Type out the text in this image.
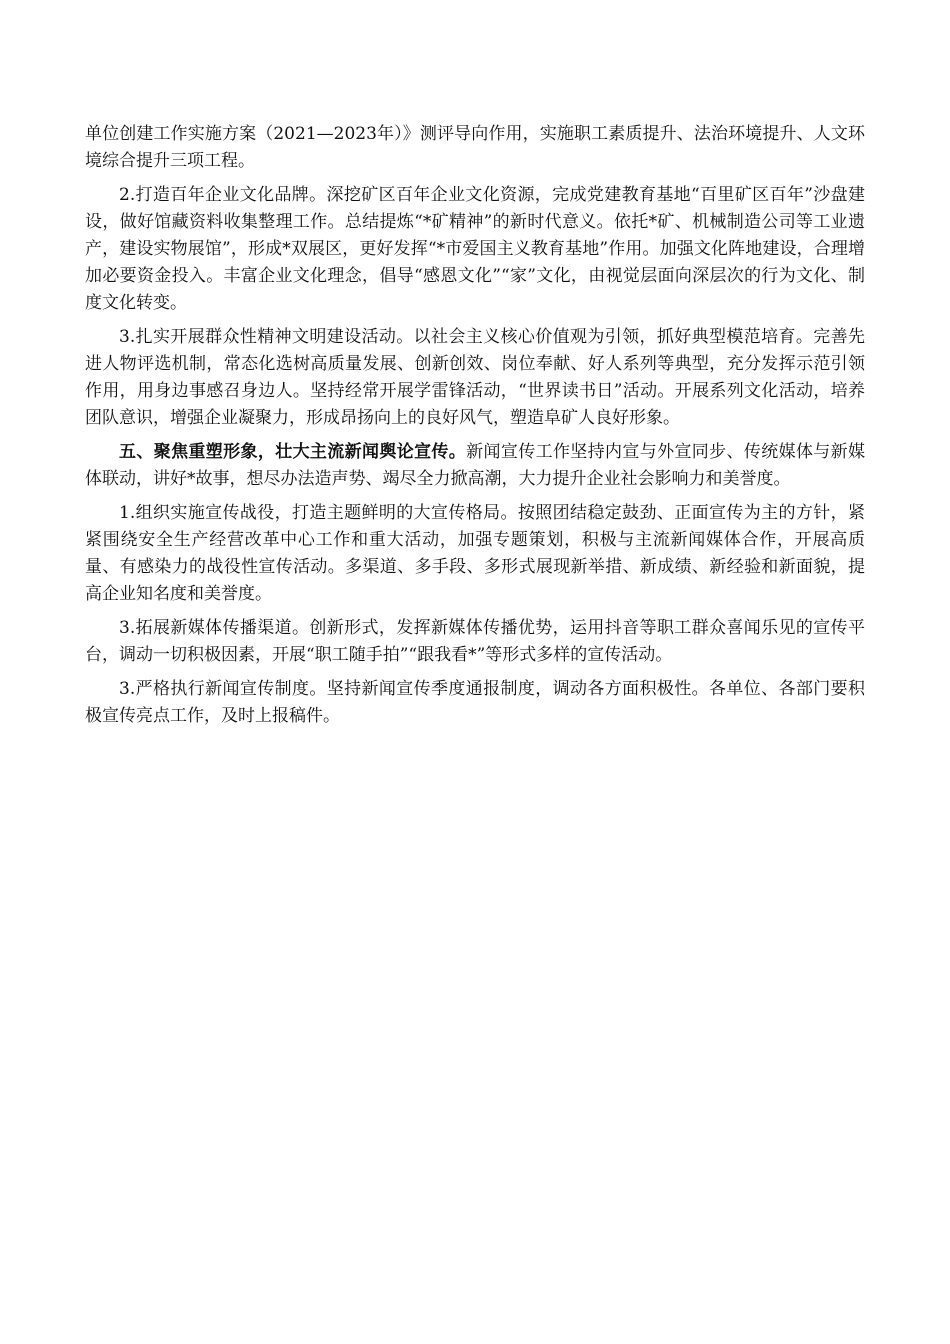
单位创建工作实施方案（2021—2023年）》测评导向作用，实施职工素质提升、法治环境提升、人文环境综合提升三项工程。

2.打造百年企业文化品牌。深挖矿区百年企业文化资源，完成党建教育基地“百里矿区百年”沙盘建设，做好馆藏资料收集整理工作。总结提炼“*矿精神”的新时代意义。依托*矿、机械制造公司等工业遗产，建设实物展馆”，形成*双展区，更好发挥“*市爱国主义教育基地”作用。加强文化阵地建设，合理增加必要资金投入。丰富企业文化理念，倡导“感恩文化”“家”文化，由视觉层面向深层次的行为文化、制度文化转变。

3.扎实开展群众性精神文明建设活动。以社会主义核心价值观为引领，抓好典型模范培育。完善先进人物评选机制，常态化选树高质量发展、创新创效、岗位奉献、好人系列等典型，充分发挥示范引领作用，用身边事感召身边人。坚持经常开展学雷锋活动，“世界读书日”活动。开展系列文化活动，培养团队意识，增强企业凝聚力，形成昂扬向上的良好风气，塑造阜矿人良好形象。

五、聚焦重塑形象，壮大主流新闻舆论宣传。新闻宣传工作坚持内宣与外宣同步、传统媒体与新媒体联动，讲好*故事，想尽办法造声势、竭尽全力掀高潮，大力提升企业社会影响力和美誉度。

1.组织实施宣传战役，打造主题鲜明的大宣传格局。按照团结稳定鼓劲、正面宣传为主的方针，紧紧围绕安全生产经营改革中心工作和重大活动，加强专题策划，积极与主流新闻媒体合作，开展高质量、有感染力的战役性宣传活动。多渠道、多手段、多形式展现新举措、新成绩、新经验和新面貌，提高企业知名度和美誉度。

3.拓展新媒体传播渠道。创新形式，发挥新媒体传播优势，运用抖音等职工群众喜闻乐见的宣传平台，调动一切积极因素，开展“职工随手拍”“跟我看*”等形式多样的宣传活动。

3.严格执行新闻宣传制度。坚持新闻宣传季度通报制度，调动各方面积极性。各单位、各部门要积极宣传亮点工作，及时上报稿件。
